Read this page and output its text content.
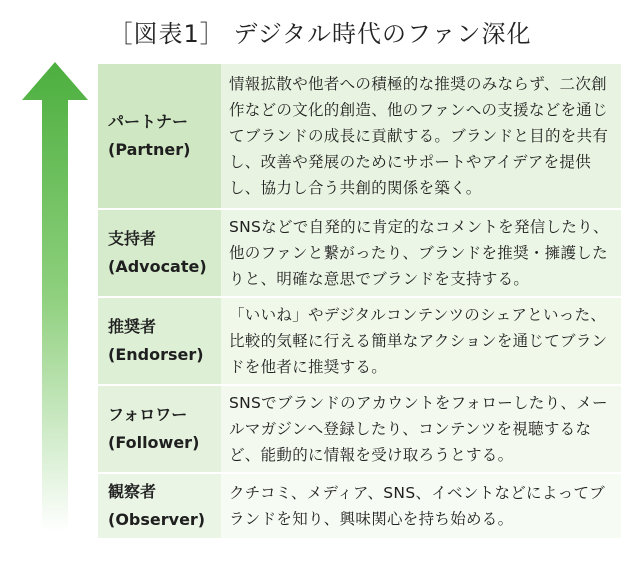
［図表1］ デジタル時代のファン深化
パートナー
(Partner)
情報拡散や他者への積極的な推奨のみならず、二次創作などの文化的創造、他のファンへの支援などを通じてブランドの成長に貢献する。ブランドと目的を共有し、改善や発展のためにサポートやアイデアを提供し、協力し合う共創的関係を築く。
支持者
(Advocate)
SNSなどで自発的に肯定的なコメントを発信したり、他のファンと繋がったり、ブランドを推奨・擁護したりと、明確な意思でブランドを支持する。
推奨者
(Endorser)
「いいね」やデジタルコンテンツのシェアといった、比較的気軽に行える簡単なアクションを通じてブランドを他者に推奨する。
フォロワー
(Follower)
SNSでブランドのアカウントをフォローしたり、メールマガジンへ登録したり、コンテンツを視聴するなど、能動的に情報を受け取ろうとする。
観察者
(Observer)
クチコミ、メディア、SNS、イベントなどによってブランドを知り、興味関心を持ち始める。
